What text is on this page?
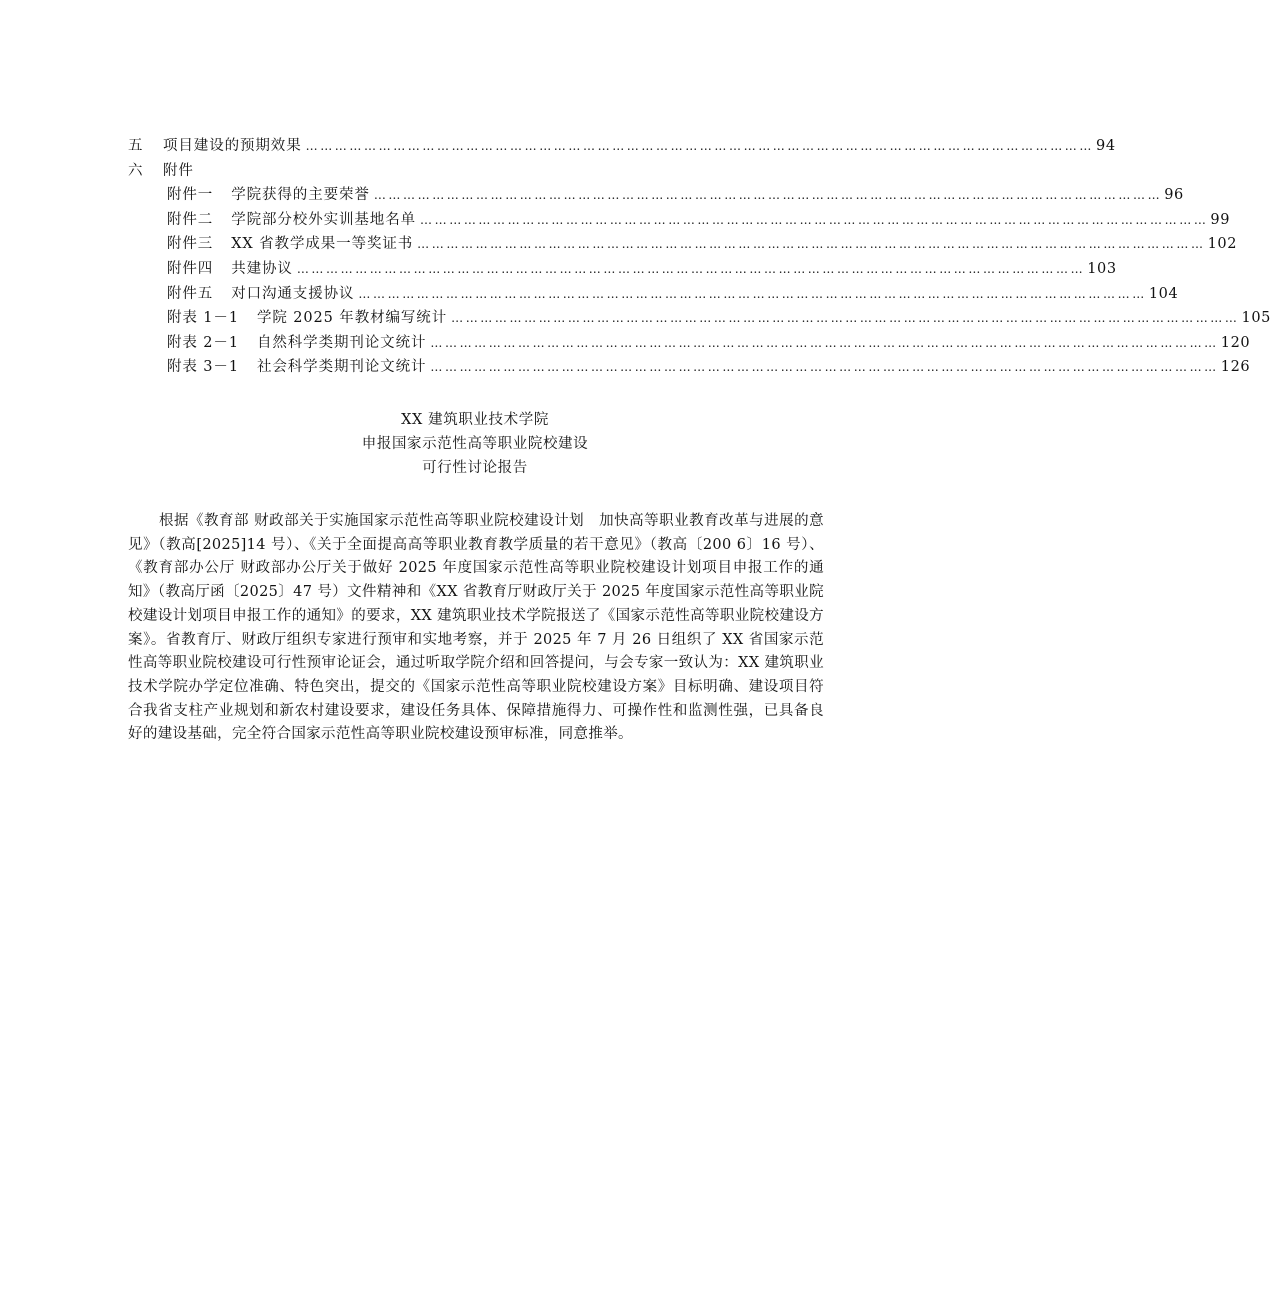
五	项目建设的预期效果 ……………………………………………………………………………………………………………………………………………… 94
六	附件
附件一 学院获得的主要荣誉 ……………………………………………………………………………………………………………………………………………… 96
附件二 学院部分校外实训基地名单 ……………………………………………………………………………………………………………………………………………… 99
附件三 XX 省教学成果一等奖证书 ……………………………………………………………………………………………………………………………………………… 102
附件四 共建协议 ……………………………………………………………………………………………………………………………………………… 103
附件五 对口沟通支援协议 ……………………………………………………………………………………………………………………………………………… 104
附表 1－1 学院 2025 年教材编写统计 ……………………………………………………………………………………………………………………………………………… 105
附表 2－1 自然科学类期刊论文统计 ……………………………………………………………………………………………………………………………………………… 120
附表 3－1 社会科学类期刊论文统计 ……………………………………………………………………………………………………………………………………………… 126
XX 建筑职业技术学院
申报国家示范性高等职业院校建设
可行性讨论报告
根据《教育部 财政部关于实施国家示范性高等职业院校建设计划　加快高等职业教育改革与进展的意见》（教高[2025]14 号）、《关于全面提高高等职业教育教学质量的若干意见》（教高〔200 6〕16 号）、《教育部办公厅 财政部办公厅关于做好 2025 年度国家示范性高等职业院校建设计划项目申报工作的通知》（教高厅函〔2025〕47 号）文件精神和《XX 省教育厅财政厅关于 2025 年度国家示范性高等职业院校建设计划项目申报工作的通知》的要求，XX 建筑职业技术学院报送了《国家示范性高等职业院校建设方案》。省教育厅、财政厅组织专家进行预审和实地考察，并于 2025 年 7 月 26 日组织了 XX 省国家示范性高等职业院校建设可行性预审论证会，通过听取学院介绍和回答提问，与会专家一致认为：XX 建筑职业技术学院办学定位准确、特色突出，提交的《国家示范性高等职业院校建设方案》目标明确、建设项目符合我省支柱产业规划和新农村建设要求，建设任务具体、保障措施得力、可操作性和监测性强，已具备良好的建设基础，完全符合国家示范性高等职业院校建设预审标准，同意推举。
